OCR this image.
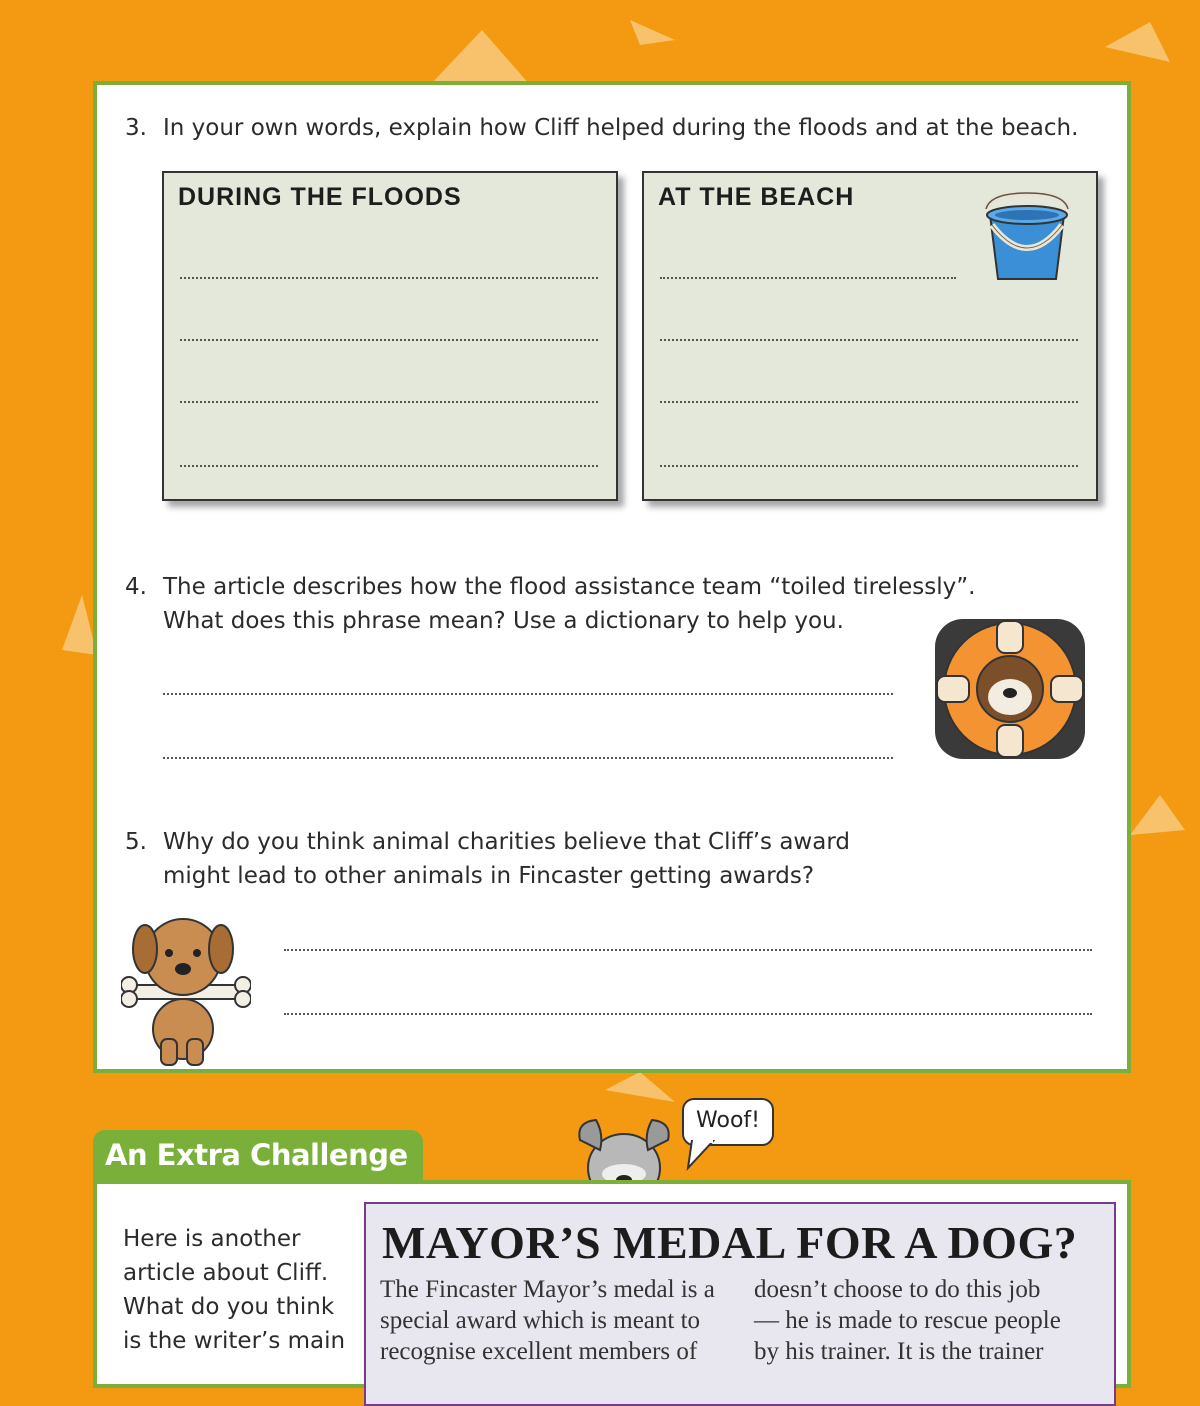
3. In your own words, explain how Cliff helped during the floods and at the beach.
DURING THE FLOODS	AT THE BEACH
4. The article describes how the flood assistance team “toiled tirelessly”.
What does this phrase mean? Use a dictionary to help you.
5. Why do you think animal charities believe that Cliff’s award
might lead to other animals in Fincaster getting awards?
An Extra Challenge
Woof!
Here is another
article about Cliff.
What do you think
is the writer’s main
MAYOR’S MEDAL FOR A DOG?
The Fincaster Mayor’s medal is a
special award which is meant to
recognise excellent members of
doesn’t choose to do this job
— he is made to rescue people
by his trainer. It is the trainer
